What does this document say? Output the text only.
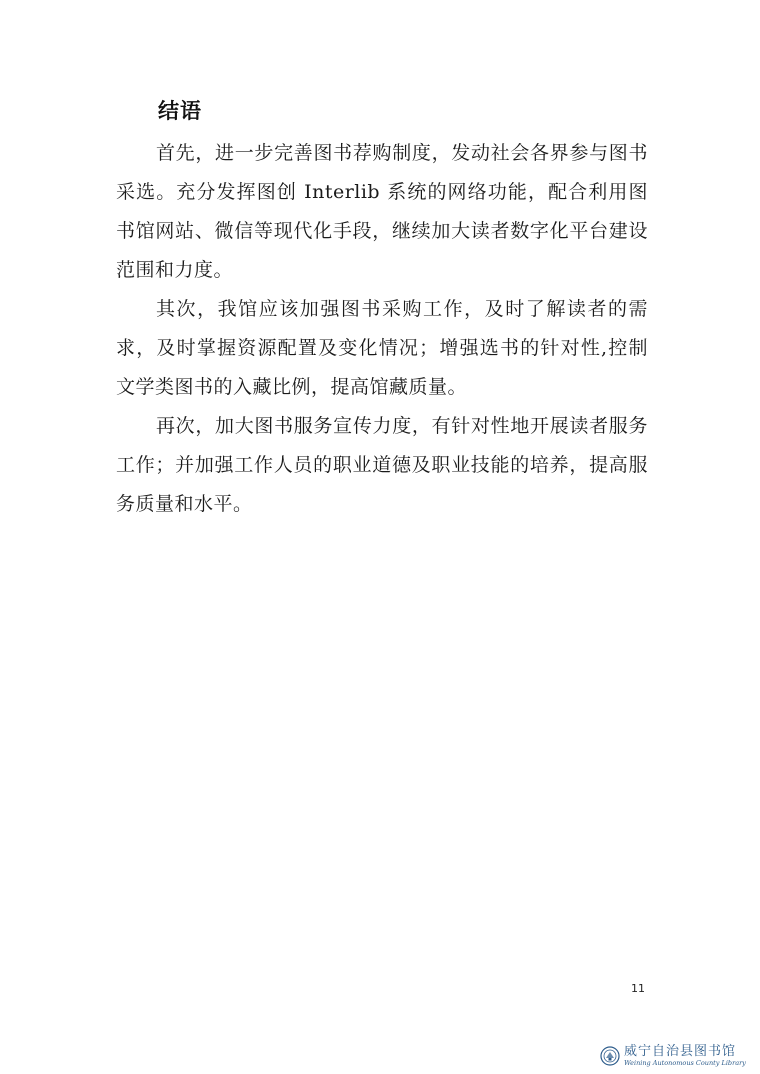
结语

首先，进一步完善图书荐购制度，发动社会各界参与图书采选。充分发挥图创 Interlib 系统的网络功能，配合利用图书馆网站、微信等现代化手段，继续加大读者数字化平台建设范围和力度。

其次，我馆应该加强图书采购工作，及时了解读者的需求，及时掌握资源配置及变化情况；增强选书的针对性,控制文学类图书的入藏比例，提高馆藏质量。

再次，加大图书服务宣传力度，有针对性地开展读者服务工作；并加强工作人员的职业道德及职业技能的培养，提高服务质量和水平。

11
威宁自治县图书馆
Weining Autonomous County Library
